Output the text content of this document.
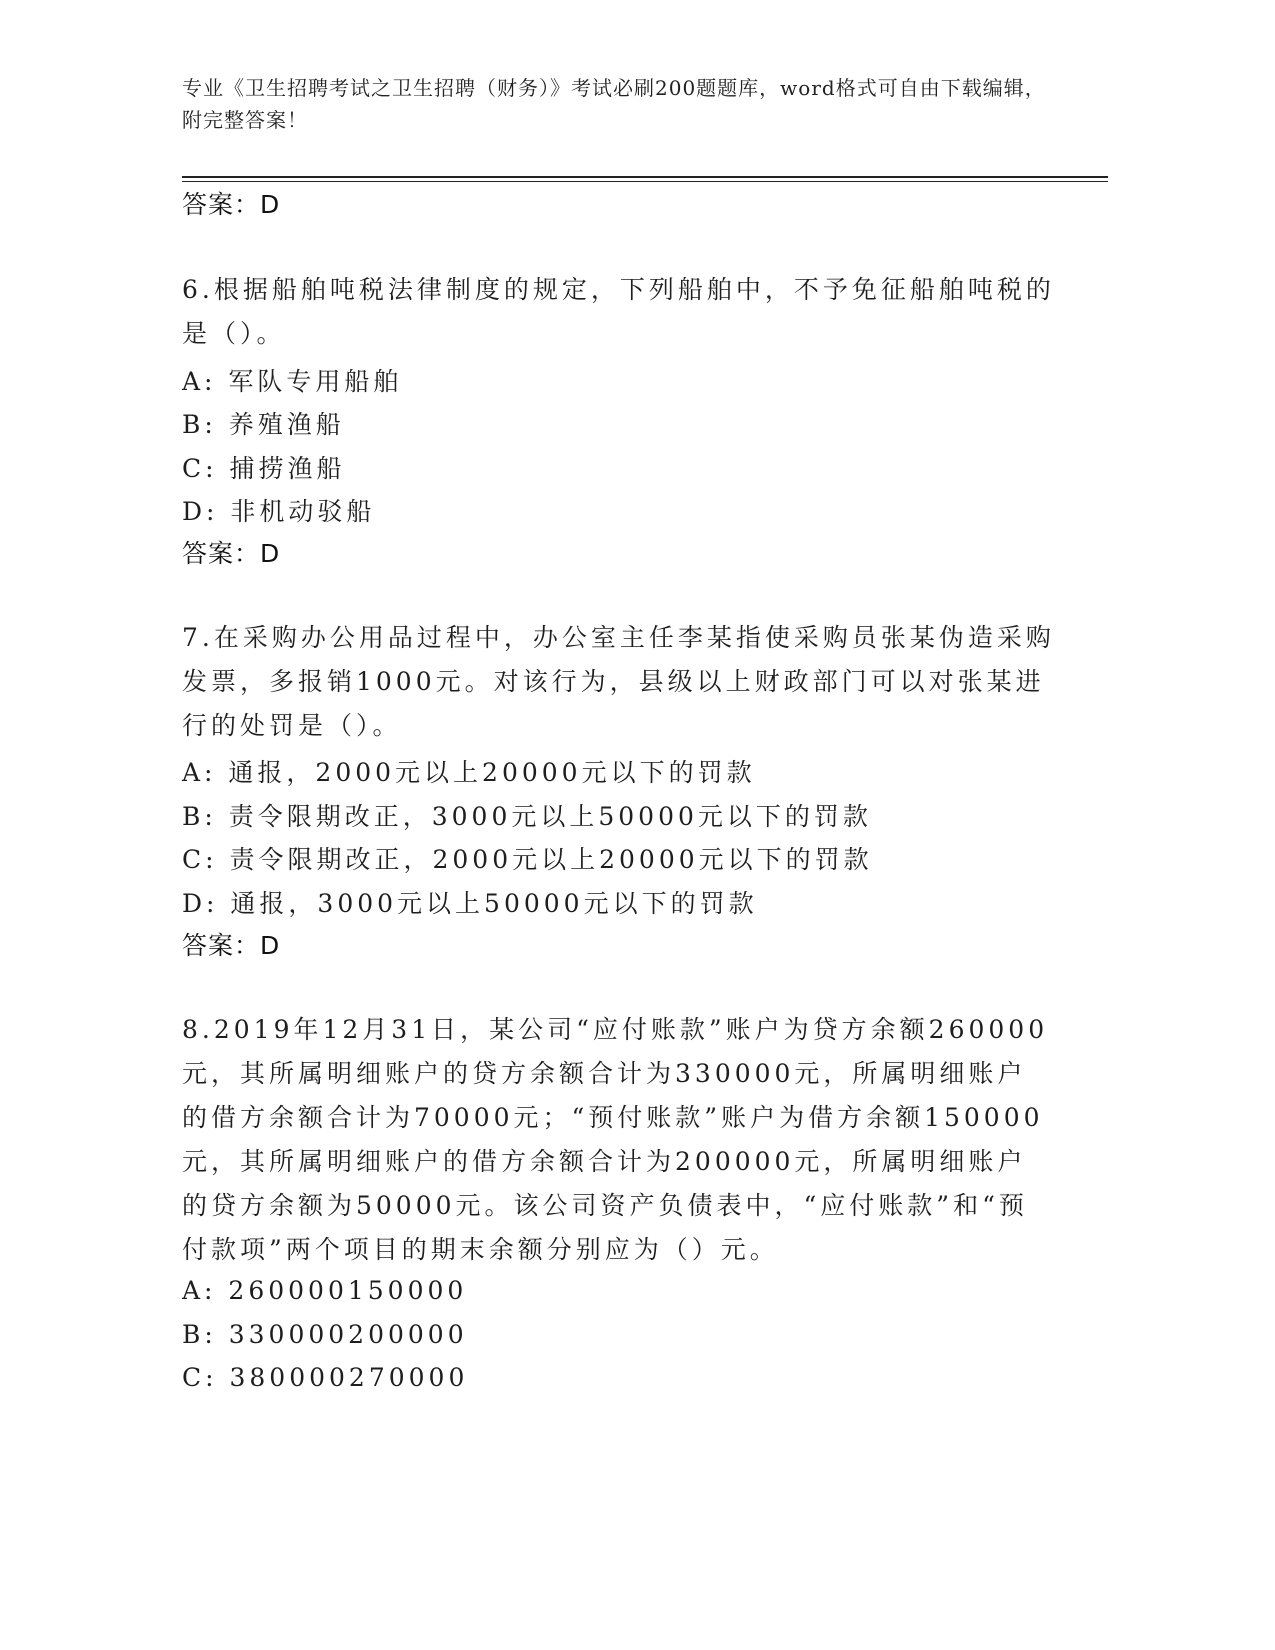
专业《卫生招聘考试之卫生招聘（财务）》考试必刷200题题库，word格式可自由下载编辑，附完整答案！
答案：D
6.根据船舶吨税法律制度的规定，下列船舶中，不予免征船舶吨税的是（）。
A: 军队专用船舶
B: 养殖渔船
C: 捕捞渔船
D: 非机动驳船
答案：D
7.在采购办公用品过程中，办公室主任李某指使采购员张某伪造采购发票，多报销1000元。对该行为，县级以上财政部门可以对张某进行的处罚是（）。
A: 通报，2000元以上20000元以下的罚款
B: 责令限期改正，3000元以上50000元以下的罚款
C: 责令限期改正，2000元以上20000元以下的罚款
D: 通报，3000元以上50000元以下的罚款
答案：D
8.2019年12月31日，某公司“应付账款”账户为贷方余额260000元，其所属明细账户的贷方余额合计为330000元，所属明细账户的借方余额合计为70000元；“预付账款”账户为借方余额150000元，其所属明细账户的借方余额合计为200000元，所属明细账户的贷方余额为50000元。该公司资产负债表中，“应付账款”和“预付款项”两个项目的期末余额分别应为（）元。
A: 260000150000
B: 330000200000
C: 380000270000
